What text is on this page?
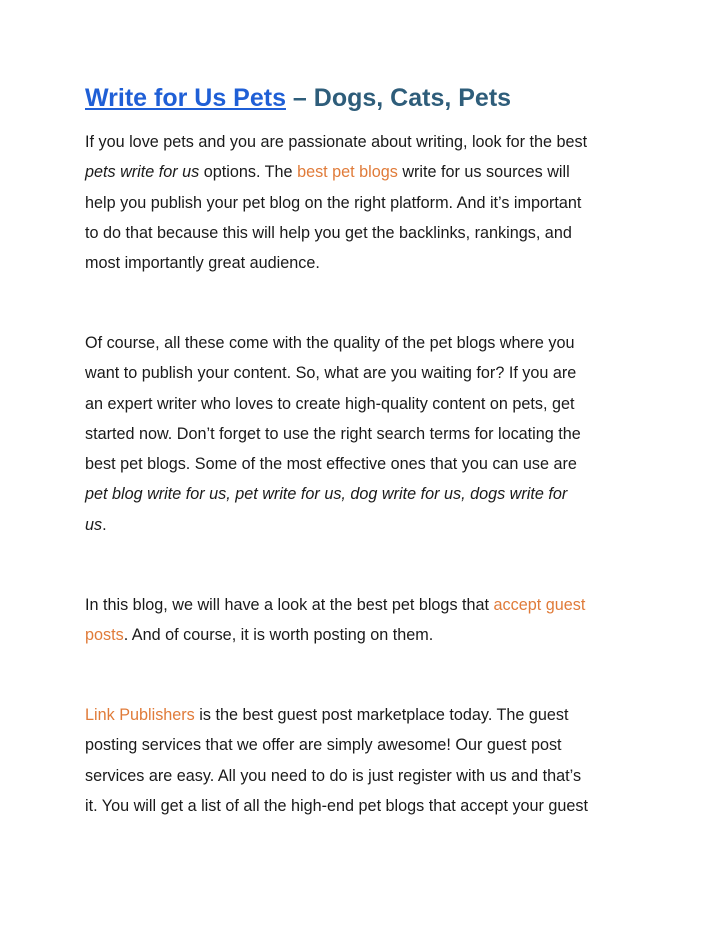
Write for Us Pets – Dogs, Cats, Pets

If you love pets and you are passionate about writing, look for the best
pets write for us options. The best pet blogs write for us sources will
help you publish your pet blog on the right platform. And it’s important
to do that because this will help you get the backlinks, rankings, and
most importantly great audience.

Of course, all these come with the quality of the pet blogs where you
want to publish your content. So, what are you waiting for? If you are
an expert writer who loves to create high-quality content on pets, get
started now. Don’t forget to use the right search terms for locating the
best pet blogs. Some of the most effective ones that you can use are
pet blog write for us, pet write for us, dog write for us, dogs write for
us.

In this blog, we will have a look at the best pet blogs that accept guest
posts. And of course, it is worth posting on them.

Link Publishers is the best guest post marketplace today. The guest
posting services that we offer are simply awesome! Our guest post
services are easy. All you need to do is just register with us and that’s
it. You will get a list of all the high-end pet blogs that accept your guest
